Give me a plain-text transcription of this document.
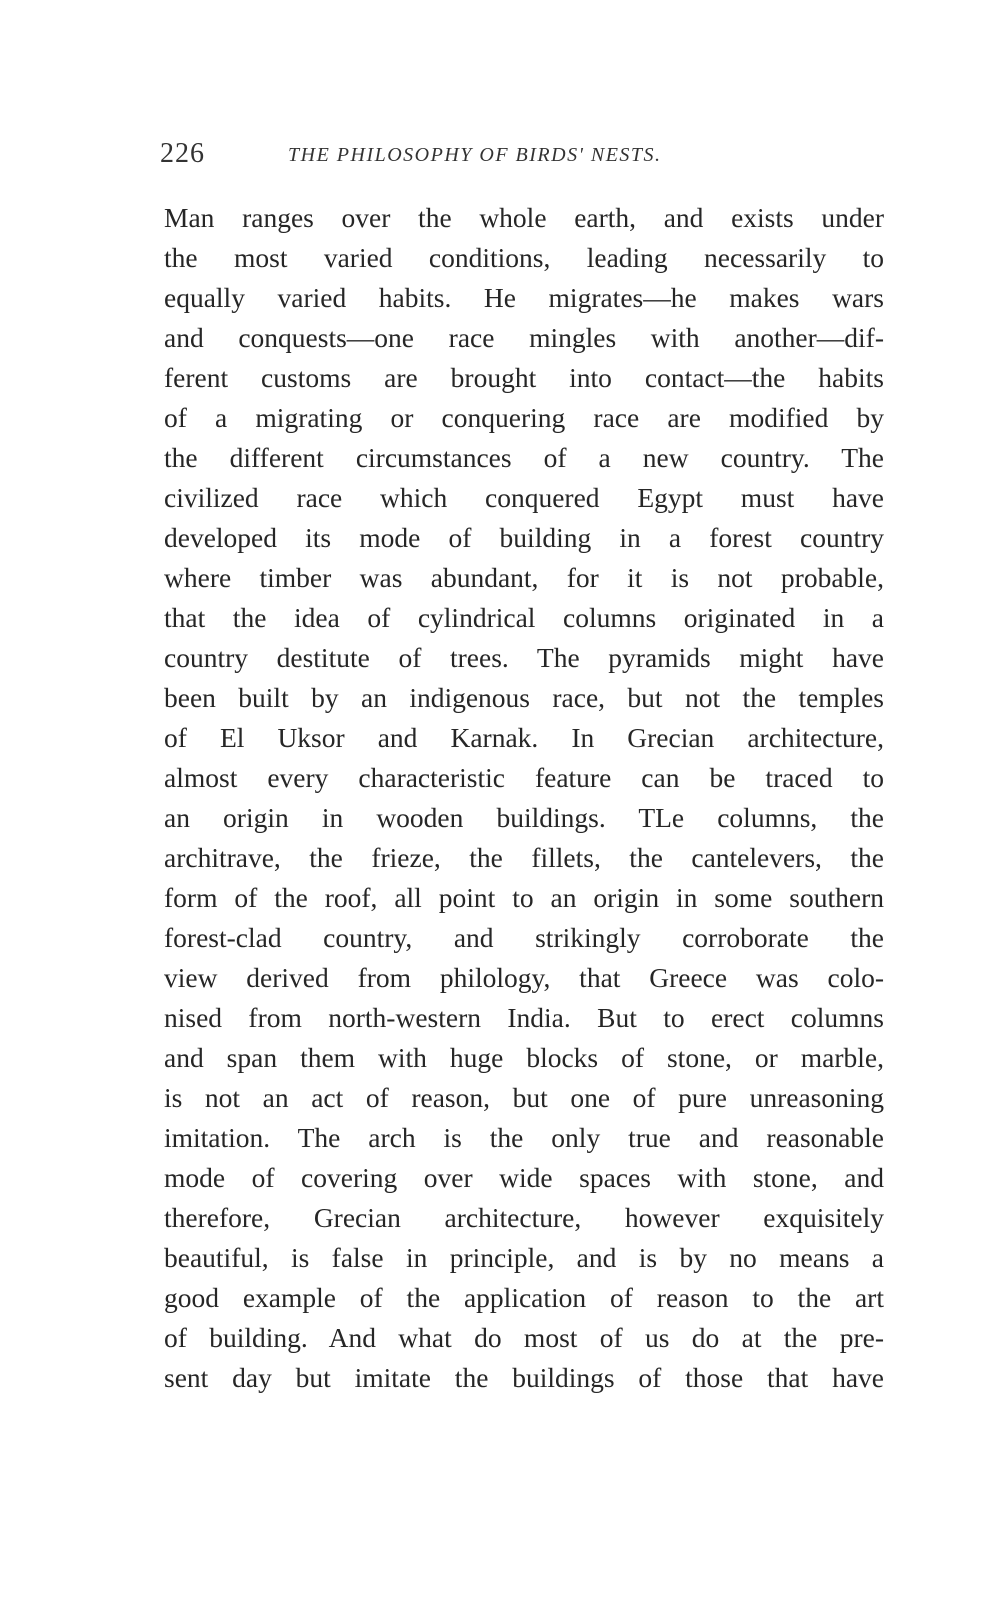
226	THE PHILOSOPHY OF BIRDS' NESTS.
Man ranges over the whole earth, and exists under
the most varied conditions, leading necessarily to
equally varied habits. He migrates—he makes wars
and conquests—one race mingles with another—dif-
ferent customs are brought into contact—the habits
of a migrating or conquering race are modified by
the different circumstances of a new country. The
civilized race which conquered Egypt must have
developed its mode of building in a forest country
where timber was abundant, for it is not probable,
that the idea of cylindrical columns originated in a
country destitute of trees. The pyramids might have
been built by an indigenous race, but not the temples
of El Uksor and Karnak. In Grecian architecture,
almost every characteristic feature can be traced to
an origin in wooden buildings. TLe columns, the
architrave, the frieze, the fillets, the cantelevers, the
form of the roof, all point to an origin in some southern
forest-clad country, and strikingly corroborate the
view derived from philology, that Greece was colo-
nised from north-western India. But to erect columns
and span them with huge blocks of stone, or marble,
is not an act of reason, but one of pure unreasoning
imitation. The arch is the only true and reasonable
mode of covering over wide spaces with stone, and
therefore, Grecian architecture, however exquisitely
beautiful, is false in principle, and is by no means a
good example of the application of reason to the art
of building. And what do most of us do at the pre-
sent day but imitate the buildings of those that have
